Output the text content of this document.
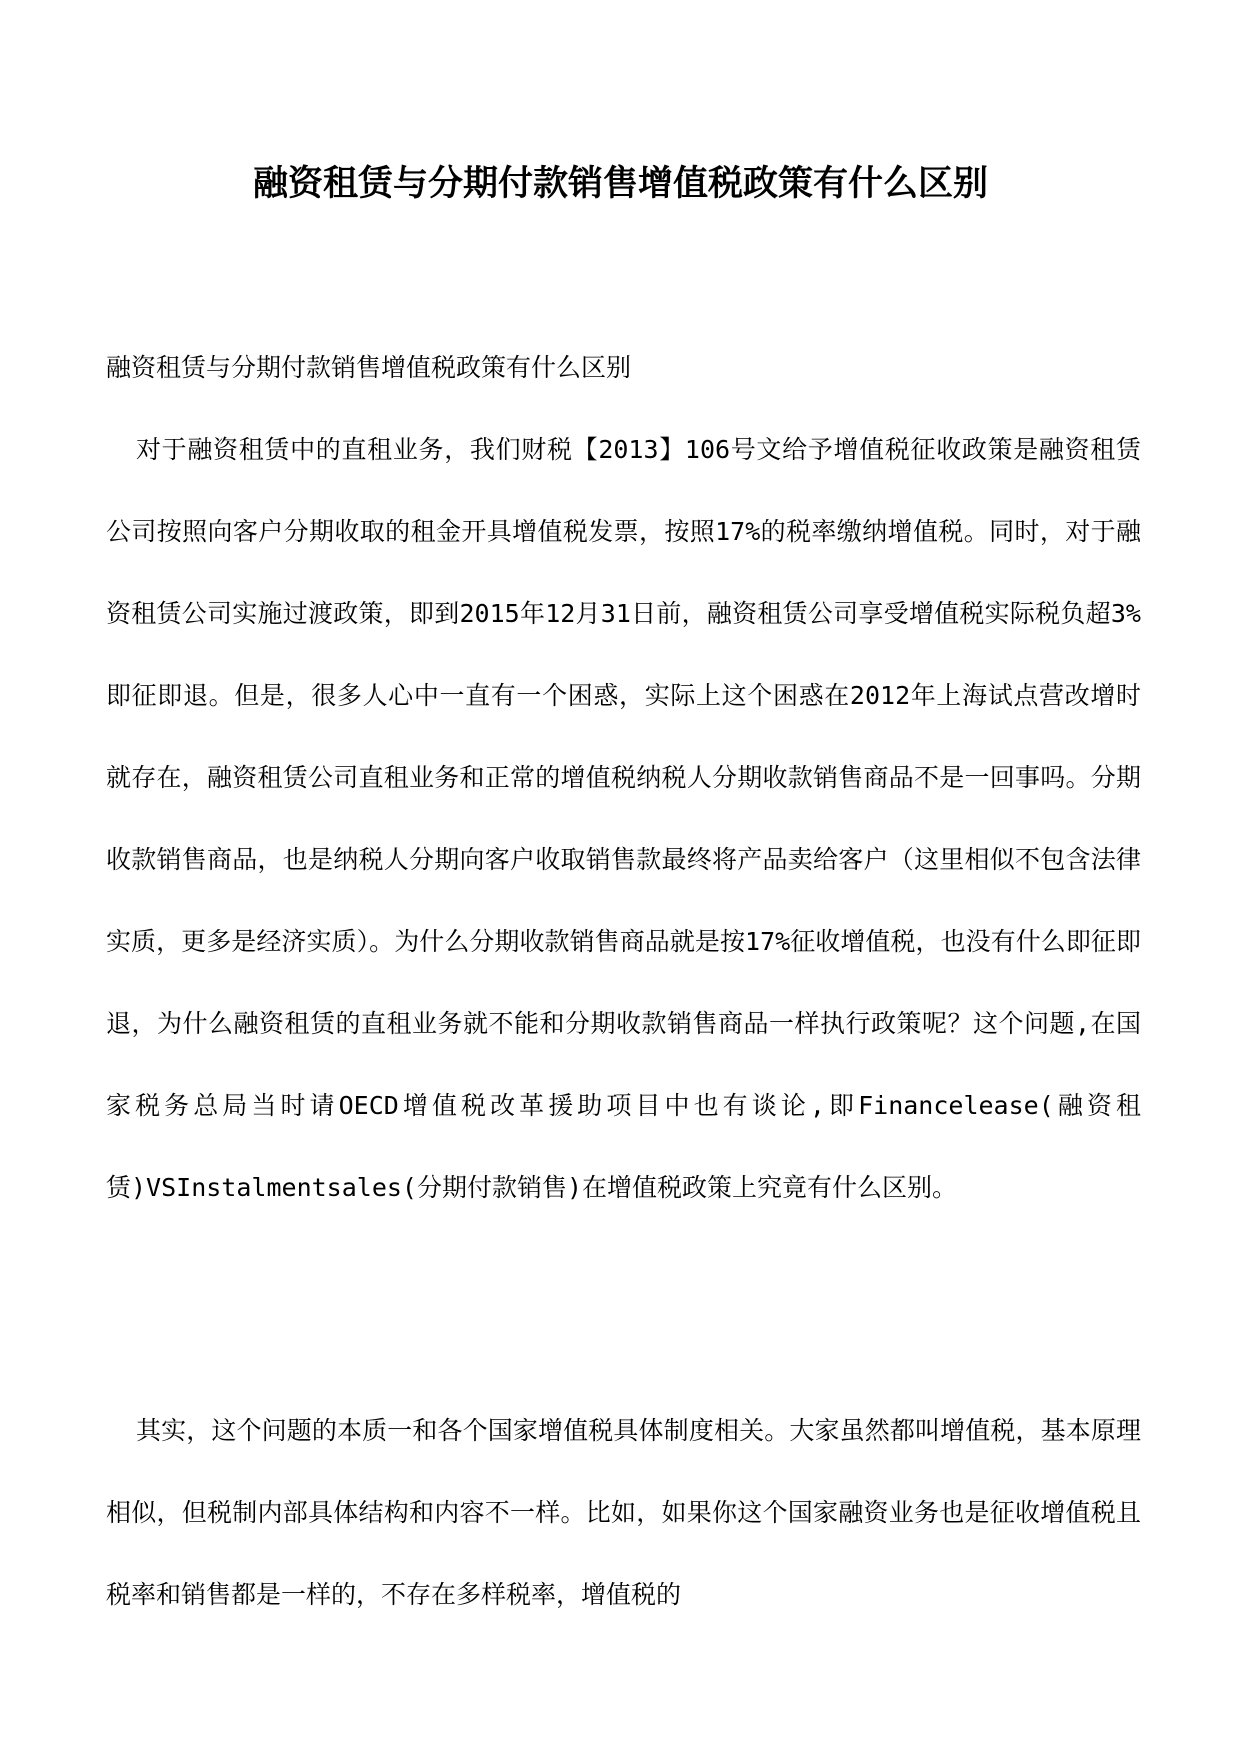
融资租赁与分期付款销售增值税政策有什么区别

融资租赁与分期付款销售增值税政策有什么区别

对于融资租赁中的直租业务，我们财税【2013】106号文给予增值税征收政策是融资租赁公司按照向客户分期收取的租金开具增值税发票，按照17%的税率缴纳增值税。同时，对于融资租赁公司实施过渡政策，即到2015年12月31日前，融资租赁公司享受增值税实际税负超3%即征即退。但是，很多人心中一直有一个困惑，实际上这个困惑在2012年上海试点营改增时就存在，融资租赁公司直租业务和正常的增值税纳税人分期收款销售商品不是一回事吗。分期收款销售商品，也是纳税人分期向客户收取销售款最终将产品卖给客户（这里相似不包含法律实质，更多是经济实质）。为什么分期收款销售商品就是按17%征收增值税，也没有什么即征即退，为什么融资租赁的直租业务就不能和分期收款销售商品一样执行政策呢？这个问题,在国家税务总局当时请OECD增值税改革援助项目中也有谈论,即Financelease(融资租赁)VSInstalmentsales(分期付款销售)在增值税政策上究竟有什么区别。

其实，这个问题的本质一和各个国家增值税具体制度相关。大家虽然都叫增值税，基本原理相似，但税制内部具体结构和内容不一样。比如，如果你这个国家融资业务也是征收增值税且税率和销售都是一样的，不存在多样税率，增值税的
